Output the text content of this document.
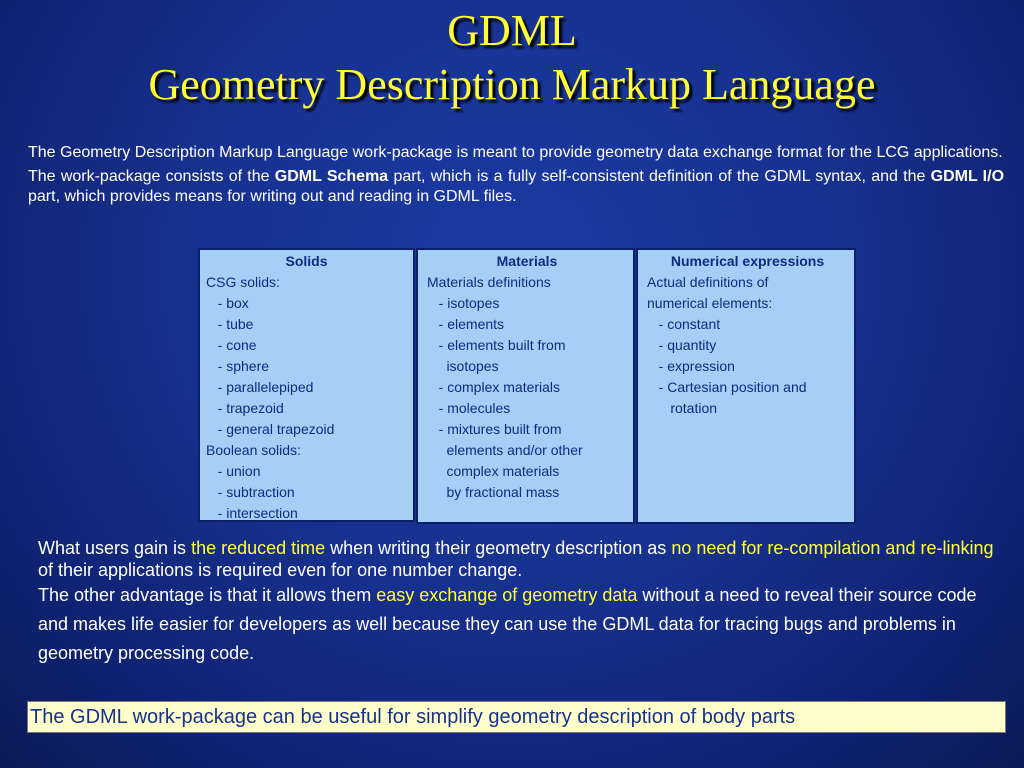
GDML
Geometry Description Markup Language

The Geometry Description Markup Language work-package is meant to provide geometry data exchange format for the LCG applications.

The work-package consists of the GDML Schema part, which is a fully self-consistent definition of the GDML syntax, and the GDML I/O part, which provides means for writing out and reading in GDML files.

Solids
CSG solids:
- box
- tube
- cone
- sphere
- parallelepiped
- trapezoid
- general trapezoid
Boolean solids:
- union
- subtraction
- intersection
Materials
Materials definitions
- isotopes
- elements
- elements built from
isotopes
- complex materials
- molecules
- mixtures built from
elements and/or other
complex materials
by fractional mass
Numerical expressions
Actual definitions of
numerical elements:
- constant
- quantity
- expression
- Cartesian position and
rotation

What users gain is the reduced time when writing their geometry description as no need for re-compilation and re-linking of their applications is required even for one number change.

The other advantage is that it allows them easy exchange of geometry data without a need to reveal their source code and makes life easier for developers as well because they can use the GDML data for tracing bugs and problems in geometry processing code.

The GDML work-package can be useful for simplify geometry description of body parts
